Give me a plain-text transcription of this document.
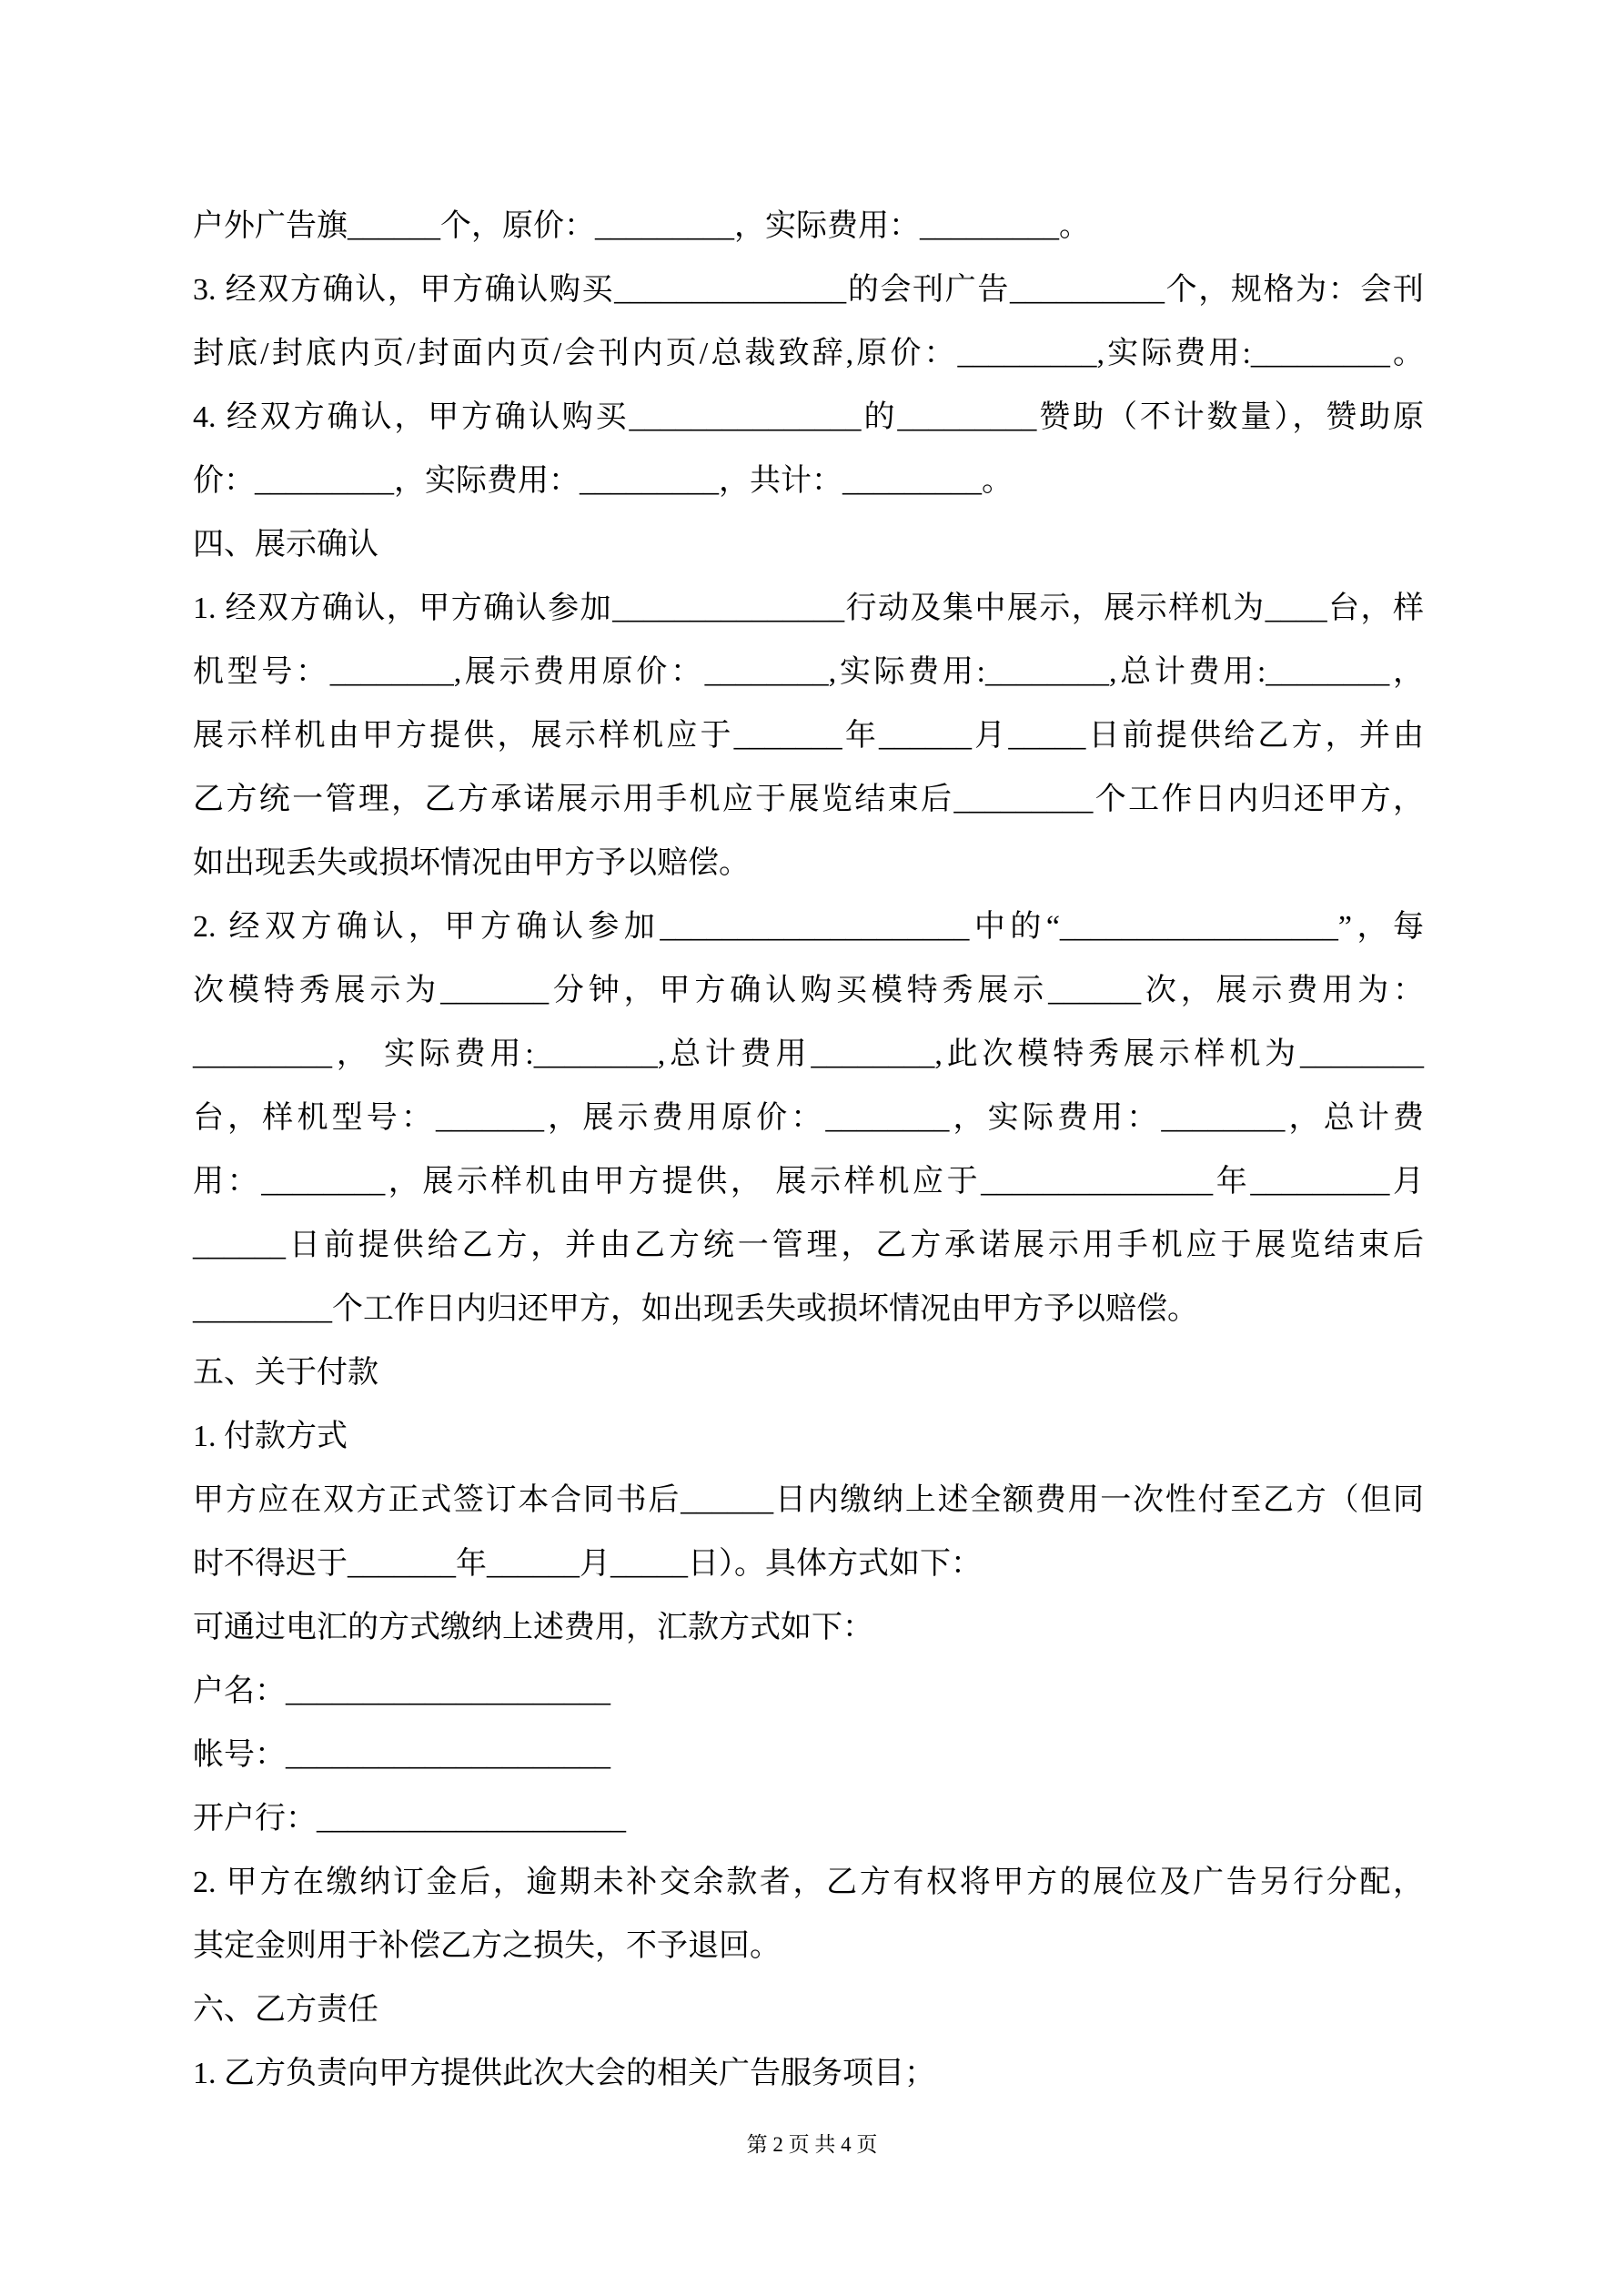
户外广告旗______个，原价：_________，实际费用：_________。
3. 经双方确认，甲方确认购买_______________的会刊广告__________个，规格为：会刊
封底/封底内页/封面内页/会刊内页/总裁致辞,原价：_________,实际费用:_________。
4. 经双方确认，甲方确认购买_______________的_________赞助（不计数量），赞助原
价：_________，实际费用：_________，共计：_________。
四、展示确认
1. 经双方确认，甲方确认参加_______________行动及集中展示，展示样机为____台，样
机型号：________,展示费用原价：________,实际费用:________,总计费用:________，
展示样机由甲方提供，展示样机应于_______年______月_____日前提供给乙方，并由
乙方统一管理，乙方承诺展示用手机应于展览结束后_________个工作日内归还甲方，
如出现丢失或损坏情况由甲方予以赔偿。
2. 经双方确认，甲方确认参加____________________中的“__________________”，每
次模特秀展示为_______分钟，甲方确认购买模特秀展示______次，展示费用为：
_________， 实际费用:________,总计费用________,此次模特秀展示样机为________
台，样机型号：_______，展示费用原价：________，实际费用：________，总计费
用：________，展示样机由甲方提供， 展示样机应于_______________年_________月
______日前提供给乙方，并由乙方统一管理，乙方承诺展示用手机应于展览结束后
_________个工作日内归还甲方，如出现丢失或损坏情况由甲方予以赔偿。
五、关于付款
1. 付款方式
甲方应在双方正式签订本合同书后______日内缴纳上述全额费用一次性付至乙方（但同
时不得迟于_______年______月_____日）。具体方式如下：
可通过电汇的方式缴纳上述费用，汇款方式如下：
户名：_____________________
帐号：_____________________
开户行：____________________
2. 甲方在缴纳订金后，逾期未补交余款者，乙方有权将甲方的展位及广告另行分配，
其定金则用于补偿乙方之损失，不予退回。
六、乙方责任
1. 乙方负责向甲方提供此次大会的相关广告服务项目；
第 2 页 共 4 页
